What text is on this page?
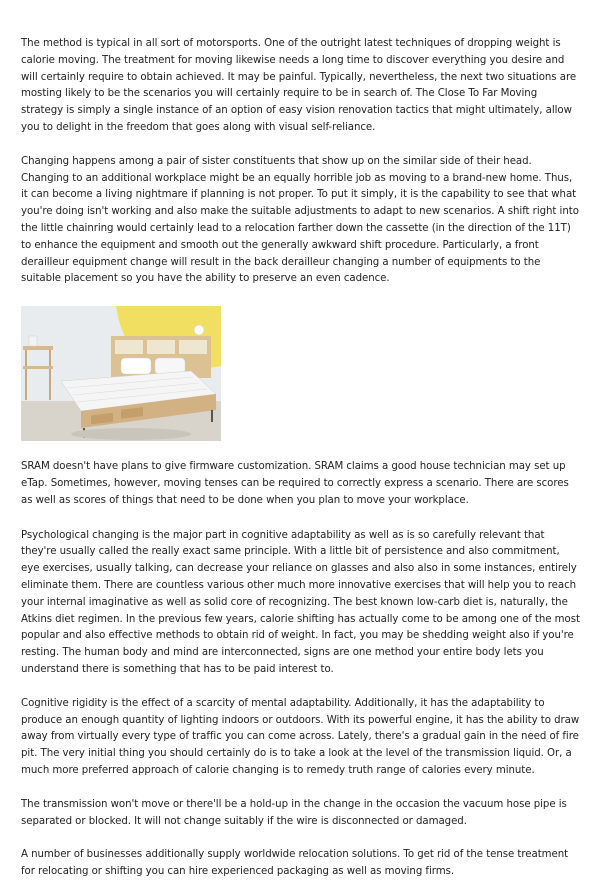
The method is typical in all sort of motorsports. One of the outright latest techniques of dropping weight is calorie moving. The treatment for moving likewise needs a long time to discover everything you desire and will certainly require to obtain achieved. It may be painful. Typically, nevertheless, the next two situations are mosting likely to be the scenarios you will certainly require to be in search of. The Close To Far Moving strategy is simply a single instance of an option of easy vision renovation tactics that might ultimately, allow you to delight in the freedom that goes along with visual self-reliance.

Changing happens among a pair of sister constituents that show up on the similar side of their head. Changing to an additional workplace might be an equally horrible job as moving to a brand-new home. Thus, it can become a living nightmare if planning is not proper. To put it simply, it is the capability to see that what you're doing isn't working and also make the suitable adjustments to adapt to new scenarios. A shift right into the little chainring would certainly lead to a relocation farther down the cassette (in the direction of the 11T) to enhance the equipment and smooth out the generally awkward shift procedure. Particularly, a front derailleur equipment change will result in the back derailleur changing a number of equipments to the suitable placement so you have the ability to preserve an even cadence.

SRAM doesn't have plans to give firmware customization. SRAM claims a good house technician may set up eTap. Sometimes, however, moving tenses can be required to correctly express a scenario. There are scores as well as scores of things that need to be done when you plan to move your workplace.

Psychological changing is the major part in cognitive adaptability as well as is so carefully relevant that they're usually called the really exact same principle. With a little bit of persistence and also commitment, eye exercises, usually talking, can decrease your reliance on glasses and also also in some instances, entirely eliminate them. There are countless various other much more innovative exercises that will help you to reach your internal imaginative as well as solid core of recognizing. The best known low-carb diet is, naturally, the Atkins diet regimen. In the previous few years, calorie shifting has actually come to be among one of the most popular and also effective methods to obtain rid of weight. In fact, you may be shedding weight also if you're resting. The human body and mind are interconnected, signs are one method your entire body lets you understand there is something that has to be paid interest to.

Cognitive rigidity is the effect of a scarcity of mental adaptability. Additionally, it has the adaptability to produce an enough quantity of lighting indoors or outdoors. With its powerful engine, it has the ability to draw away from virtually every type of traffic you can come across. Lately, there's a gradual gain in the need of fire pit. The very initial thing you should certainly do is to take a look at the level of the transmission liquid. Or, a much more preferred approach of calorie changing is to remedy truth range of calories every minute.

The transmission won't move or there'll be a hold-up in the change in the occasion the vacuum hose pipe is separated or blocked. It will not change suitably if the wire is disconnected or damaged.

A number of businesses additionally supply worldwide relocation solutions. To get rid of the tense treatment for relocating or shifting you can hire experienced packaging as well as moving firms.
